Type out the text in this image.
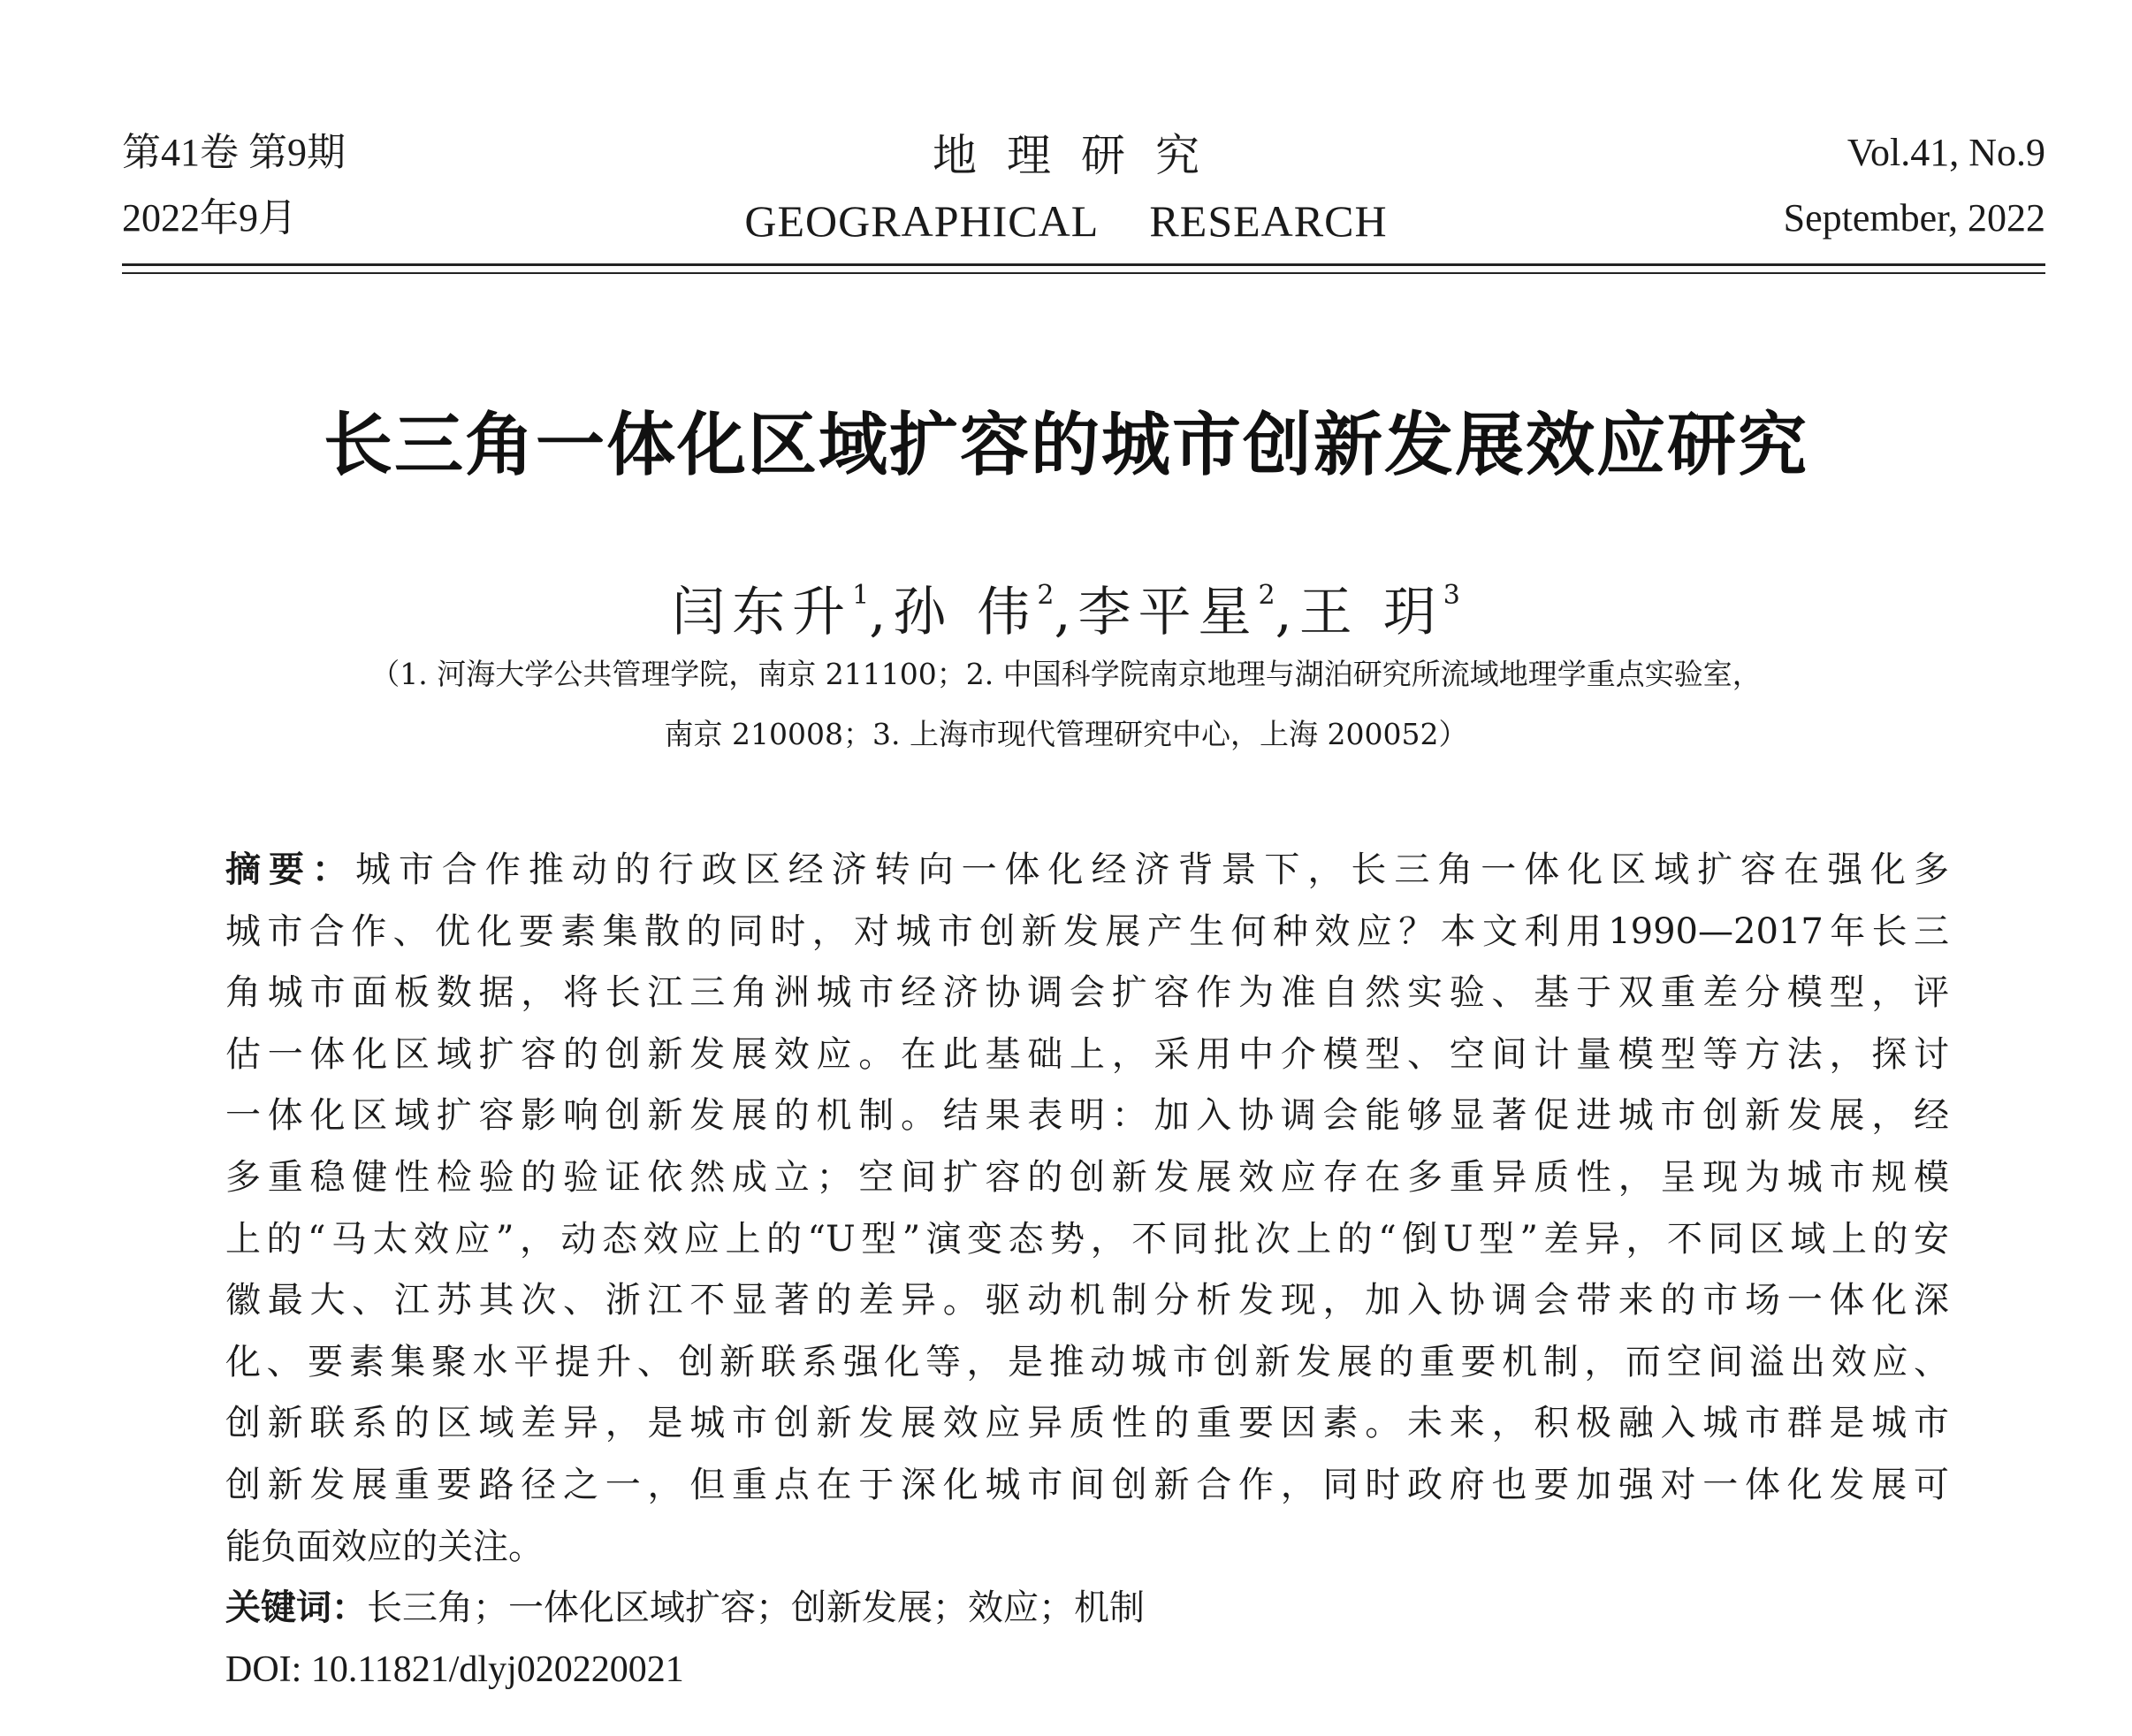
第41卷 第9期
2022年9月
地理研究
GEOGRAPHICAL  RESEARCH
Vol.41, No.9
September, 2022
长三角一体化区域扩容的城市创新发展效应研究
闫东升$^1$,孙 伟$^2$,李平星$^2$,王 玥$^3$
（1. 河海大学公共管理学院，南京 211100；2. 中国科学院南京地理与湖泊研究所流域地理学重点实验室，
南京 210008；3. 上海市现代管理研究中心，上海 200052）
摘要：城市合作推动的行政区经济转向一体化经济背景下，长三角一体化区域扩容在强化多
城市合作、优化要素集散的同时，对城市创新发展产生何种效应？本文利用1990—2017年长三
角城市面板数据，将长江三角洲城市经济协调会扩容作为准自然实验、基于双重差分模型，评
估一体化区域扩容的创新发展效应。在此基础上，采用中介模型、空间计量模型等方法，探讨
一体化区域扩容影响创新发展的机制。结果表明：加入协调会能够显著促进城市创新发展，经
多重稳健性检验的验证依然成立；空间扩容的创新发展效应存在多重异质性，呈现为城市规模
上的“马太效应”，动态效应上的“U型”演变态势，不同批次上的“倒U型”差异，不同区域上的安
徽最大、江苏其次、浙江不显著的差异。驱动机制分析发现，加入协调会带来的市场一体化深
化、要素集聚水平提升、创新联系强化等，是推动城市创新发展的重要机制，而空间溢出效应、
创新联系的区域差异，是城市创新发展效应异质性的重要因素。未来，积极融入城市群是城市
创新发展重要路径之一，但重点在于深化城市间创新合作，同时政府也要加强对一体化发展可
能负面效应的关注。
关键词：长三角；一体化区域扩容；创新发展；效应；机制
DOI: 10.11821/dlyj020220021
